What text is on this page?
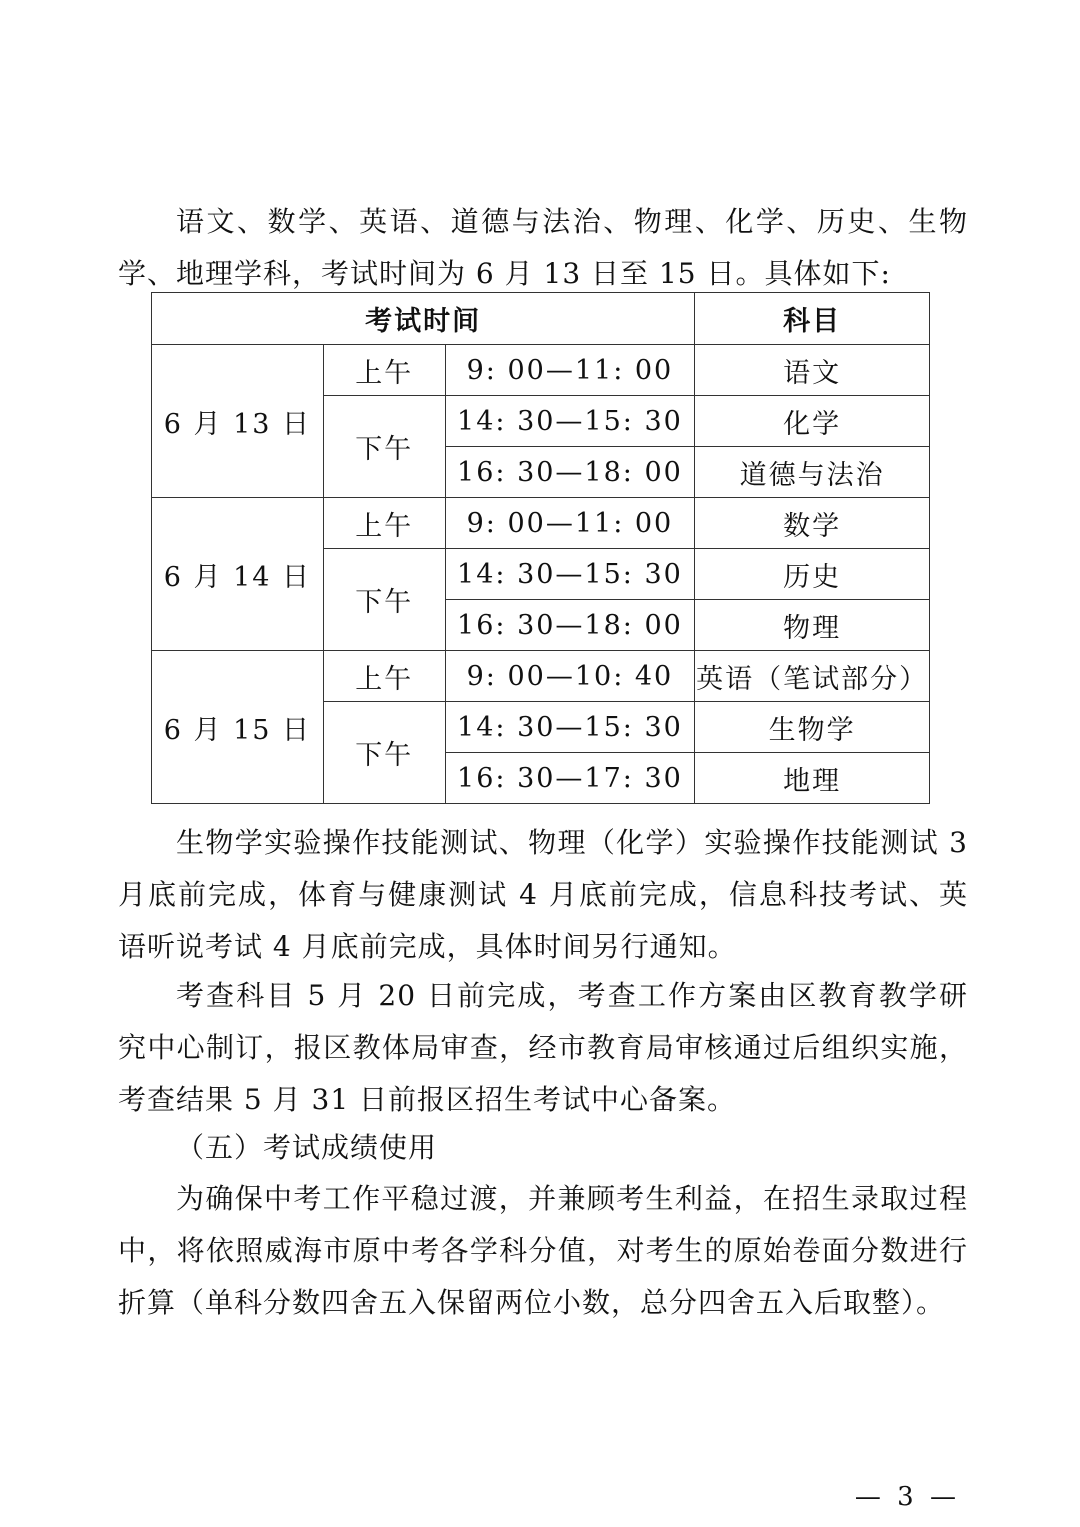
语文、数学、英语、道德与法治、物理、化学、历史、生物学、地理学科，考试时间为 6 月 13 日至 15 日。具体如下:

考试时间			科目
6 月 13 日	上午	9: 00—11: 00	语文
	下午	14: 30—15: 30	化学
		16: 30—18: 00	道德与法治
6 月 14 日	上午	9: 00—11: 00	数学
	下午	14: 30—15: 30	历史
		16: 30—18: 00	物理
6 月 15 日	上午	9: 00—10: 40	英语（笔试部分）
	下午	14: 30—15: 30	生物学
		16: 30—17: 30	地理

生物学实验操作技能测试、物理（化学）实验操作技能测试 3 月底前完成，体育与健康测试 4 月底前完成，信息科技考试、英语听说考试 4 月底前完成，具体时间另行通知。

考查科目 5 月 20 日前完成，考查工作方案由区教育教学研究中心制订，报区教体局审查，经市教育局审核通过后组织实施，考查结果 5 月 31 日前报区招生考试中心备案。

（五）考试成绩使用

为确保中考工作平稳过渡，并兼顾考生利益，在招生录取过程中，将依照威海市原中考各学科分值，对考生的原始卷面分数进行折算（单科分数四舍五入保留两位小数，总分四舍五入后取整）。

— 3 —
